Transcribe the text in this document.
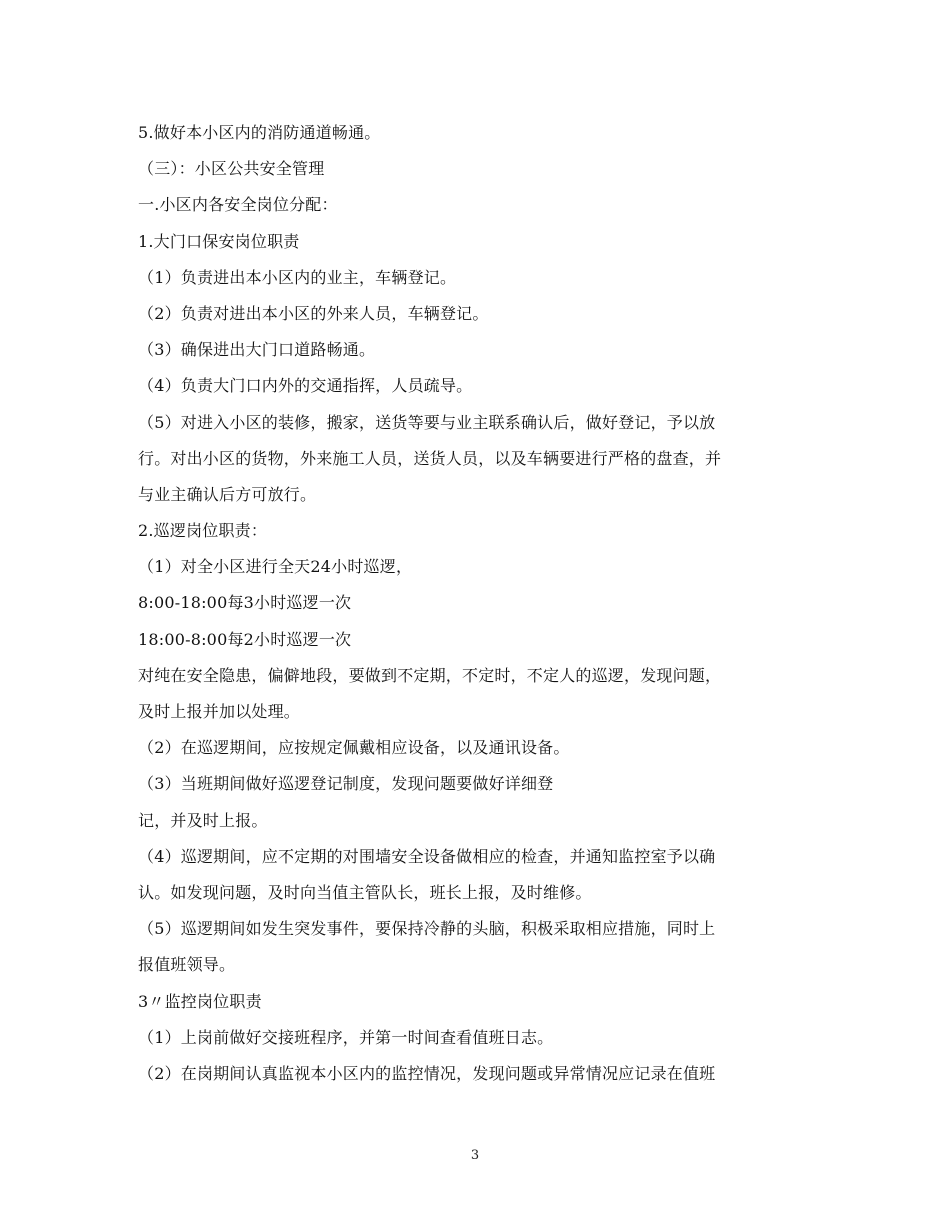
5.做好本小区内的消防通道畅通。
（三）：小区公共安全管理
一.小区内各安全岗位分配：
1.大门口保安岗位职责
（1）负责进出本小区内的业主，车辆登记。
（2）负责对进出本小区的外来人员，车辆登记。
（3）确保进出大门口道路畅通。
（4）负责大门口内外的交通指挥，人员疏导。
（5）对进入小区的装修，搬家，送货等要与业主联系确认后，做好登记，予以放
行。对出小区的货物，外来施工人员，送货人员，以及车辆要进行严格的盘查，并
与业主确认后方可放行。
2.巡逻岗位职责：
（1）对全小区进行全天24小时巡逻，
8:00-18:00每3小时巡逻一次
18:00-8:00每2小时巡逻一次
对纯在安全隐患，偏僻地段，要做到不定期，不定时，不定人的巡逻，发现问题，
及时上报并加以处理。
（2）在巡逻期间，应按规定佩戴相应设备，以及通讯设备。
（3）当班期间做好巡逻登记制度，发现问题要做好详细登
记，并及时上报。
（4）巡逻期间，应不定期的对围墙安全设备做相应的检查，并通知监控室予以确
认。如发现问题，及时向当值主管队长，班长上报，及时维修。
（5）巡逻期间如发生突发事件，要保持冷静的头脑，积极采取相应措施，同时上
报值班领导。
3〃监控岗位职责
（1）上岗前做好交接班程序，并第一时间查看值班日志。
（2）在岗期间认真监视本小区内的监控情况，发现问题或异常情况应记录在值班
3
